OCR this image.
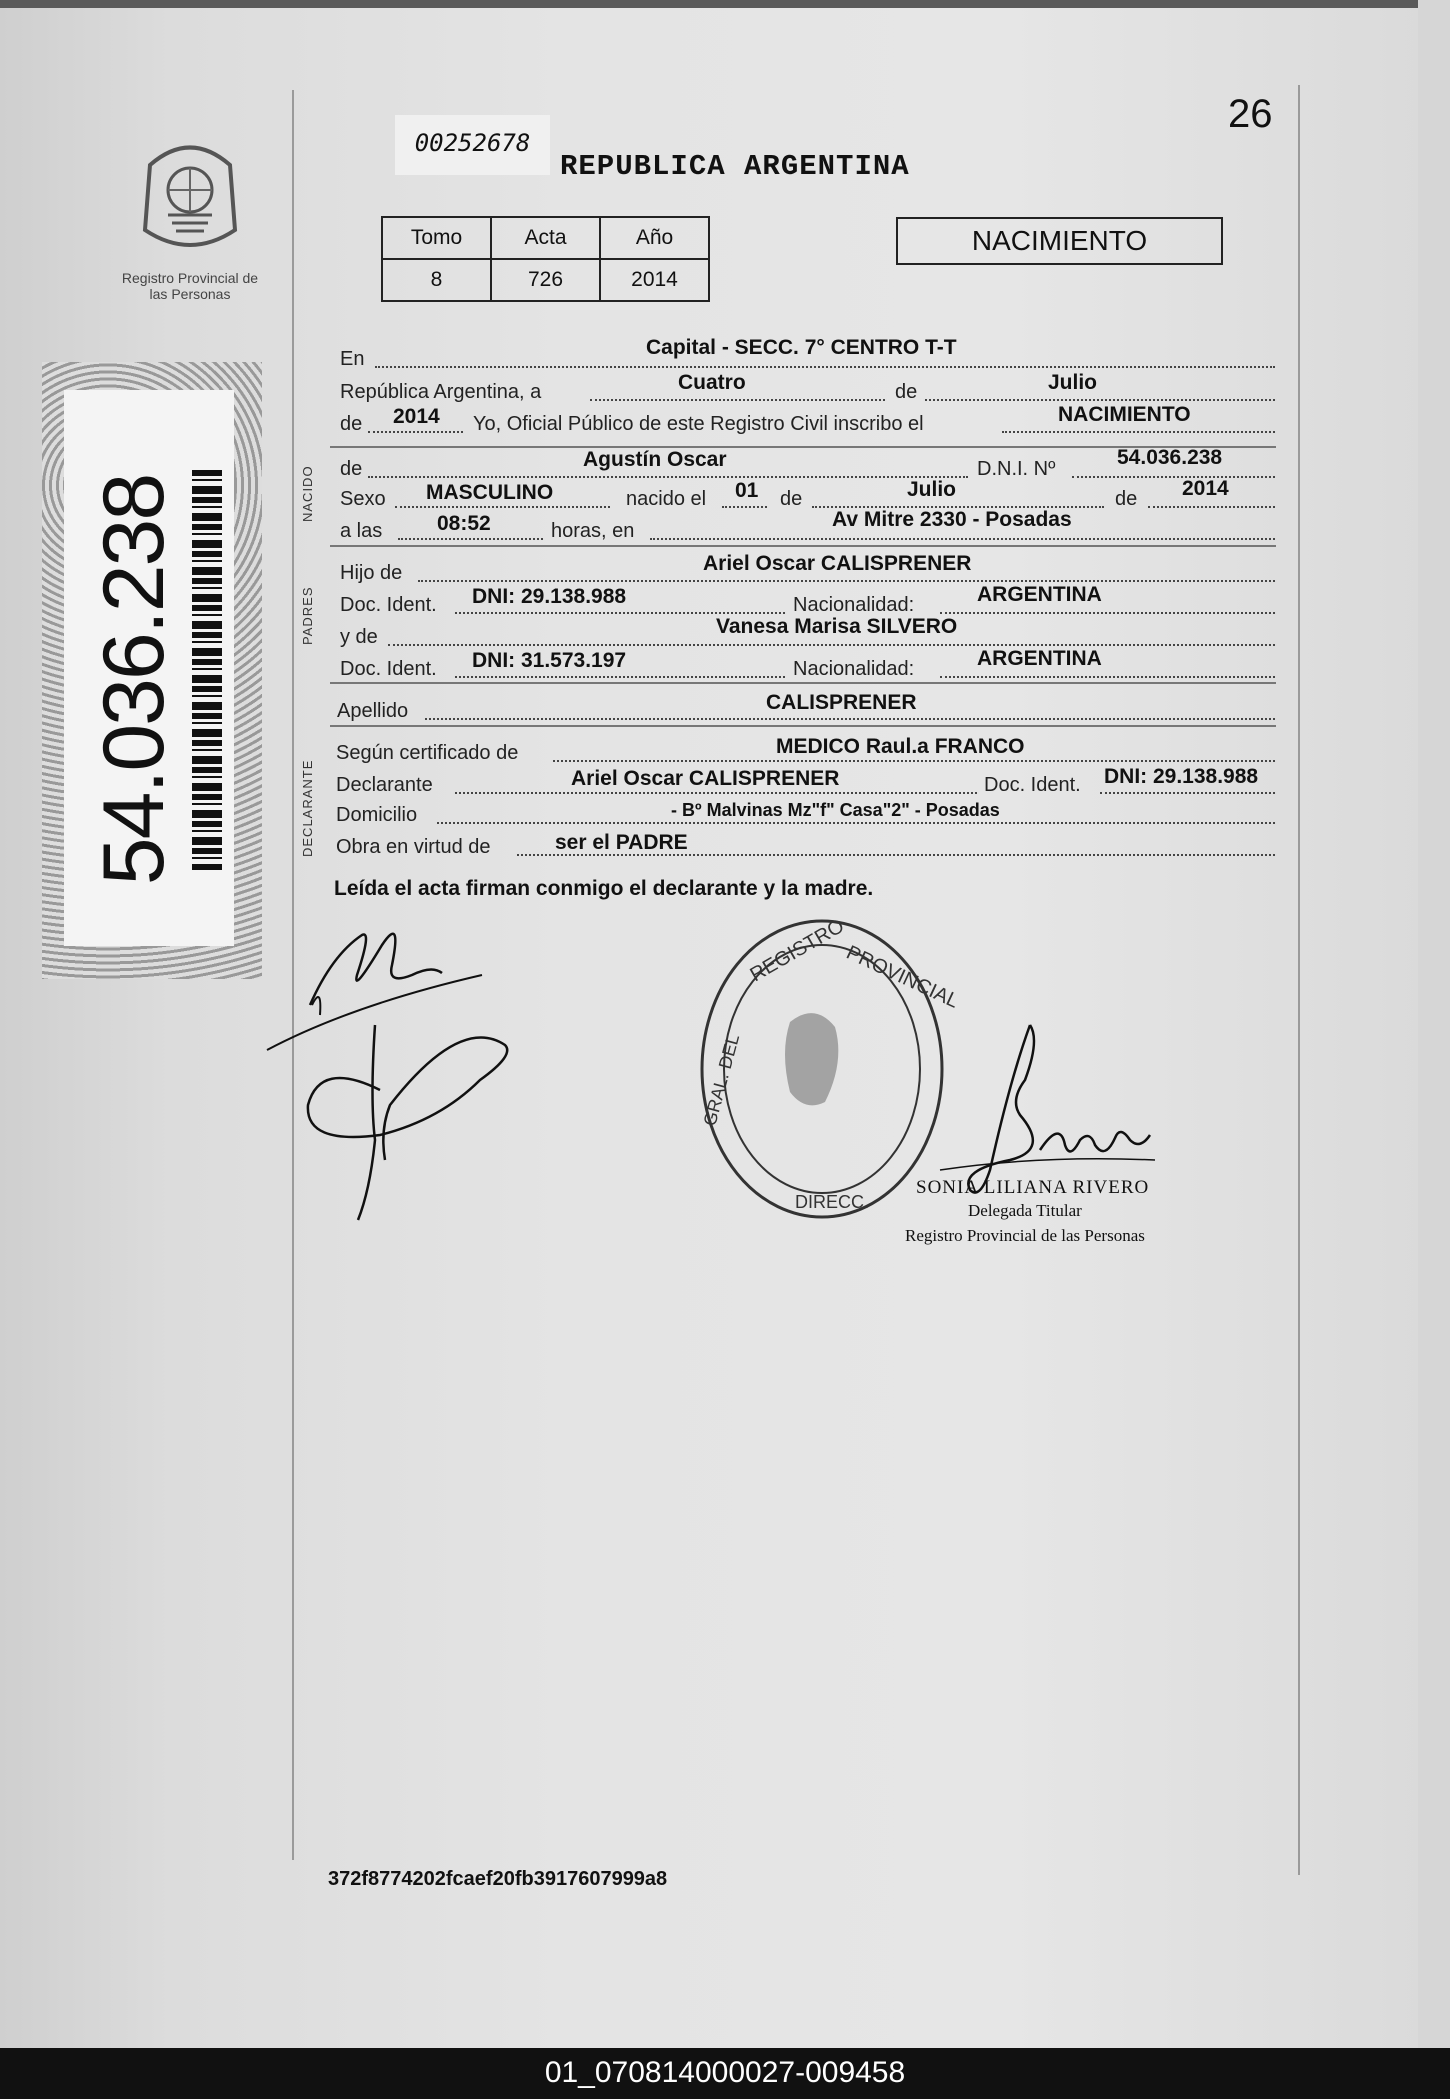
Registro Provincial de las Personas
54.036.238
00252678
REPUBLICA ARGENTINA
26
Tomo	Acta	Año
8	726	2014
NACIMIENTO
NACIDO
PADRES
DECLARANTE
En	Capital - SECC. 7° CENTRO T-T
República Argentina, a	Cuatro	de	Julio
de 2014 Yo, Oficial Público de este Registro Civil inscribo el	NACIMIENTO
de	Agustín Oscar	D.N.I. Nº	54.036.238
Sexo MASCULINO	nacido el 01 de	Julio	de 2014
a las	08:52	horas, en	Av Mitre 2330 - Posadas
Hijo de	Ariel Oscar CALISPRENER
Doc. Ident. DNI: 29.138.988	Nacionalidad:	ARGENTINA
y de	Vanesa Marisa SILVERO
Doc. Ident. DNI: 31.573.197	Nacionalidad:	ARGENTINA
Apellido	CALISPRENER
Según certificado de	MEDICO Raul.a FRANCO
Declarante	Ariel Oscar CALISPRENER	Doc. Ident. DNI: 29.138.988
Domicilio	- Bº Malvinas Mz"f" Casa"2" - Posadas
Obra en virtud de	ser el PADRE
Leída el acta firman conmigo el declarante y la madre.
REGISTRO
PROVINCIAL
GRAL. DEL
DIRECC.
SONIA LILIANA RIVERO
Delegada Titular
Registro Provincial de las Personas
372f8774202fcaef20fb3917607999a8
01_070814000027-009458
